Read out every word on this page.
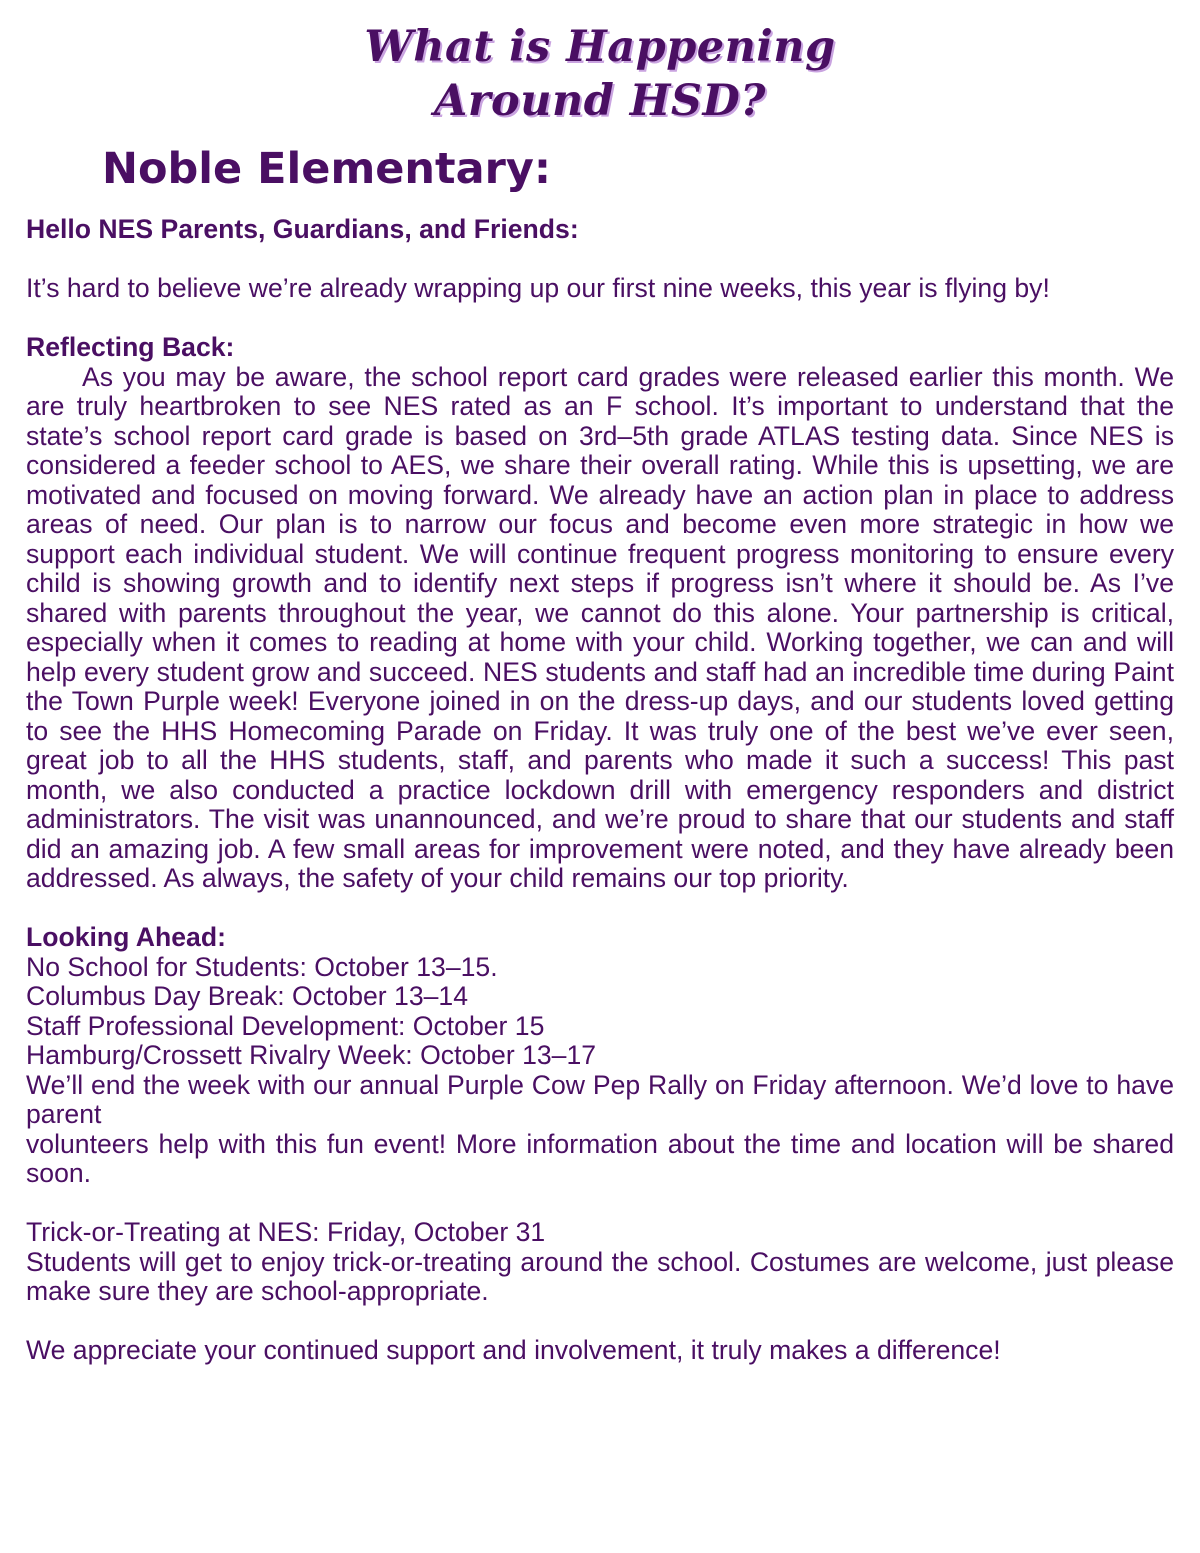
What is Happening
Around HSD?
Noble Elementary:

Hello NES Parents, Guardians, and Friends:

It’s hard to believe we’re already wrapping up our first nine weeks, this year is flying by!

Reflecting Back:

As you may be aware, the school report card grades were released earlier this month. We are truly heartbroken to see NES rated as an F school. It’s important to understand that the state’s school report card grade is based on 3rd–5th grade ATLAS testing data. Since NES is considered a feeder school to AES, we share their overall rating. While this is upsetting, we are motivated and focused on moving forward. We already have an action plan in place to address areas of need. Our plan is to narrow our focus and become even more strategic in how we support each individual student. We will continue frequent progress monitoring to ensure every child is showing growth and to identify next steps if progress isn’t where it should be. As I’ve shared with parents throughout the year, we cannot do this alone. Your partnership is critical, especially when it comes to reading at home with your child. Working together, we can and will help every student grow and succeed. NES students and staff had an incredible time during Paint the Town Purple week! Everyone joined in on the dress-up days, and our students loved getting to see the HHS Homecoming Parade on Friday. It was truly one of the best we’ve ever seen, great job to all the HHS students, staff, and parents who made it such a success! This past month, we also conducted a practice lockdown drill with emergency responders and district administrators. The visit was unannounced, and we’re proud to share that our students and staff did an amazing job. A few small areas for improvement were noted, and they have already been addressed. As always, the safety of your child remains our top priority.

Looking Ahead:

No School for Students: October 13–15.

Columbus Day Break: October 13–14

Staff Professional Development: October 15

Hamburg/Crossett Rivalry Week: October 13–17

We’ll end the week with our annual Purple Cow Pep Rally on Friday afternoon. We’d love to have parent

volunteers help with this fun event! More information about the time and location will be shared soon.

Trick-or-Treating at NES: Friday, October 31

Students will get to enjoy trick-or-treating around the school. Costumes are welcome, just please make sure they are school-appropriate.

We appreciate your continued support and involvement, it truly makes a difference!
